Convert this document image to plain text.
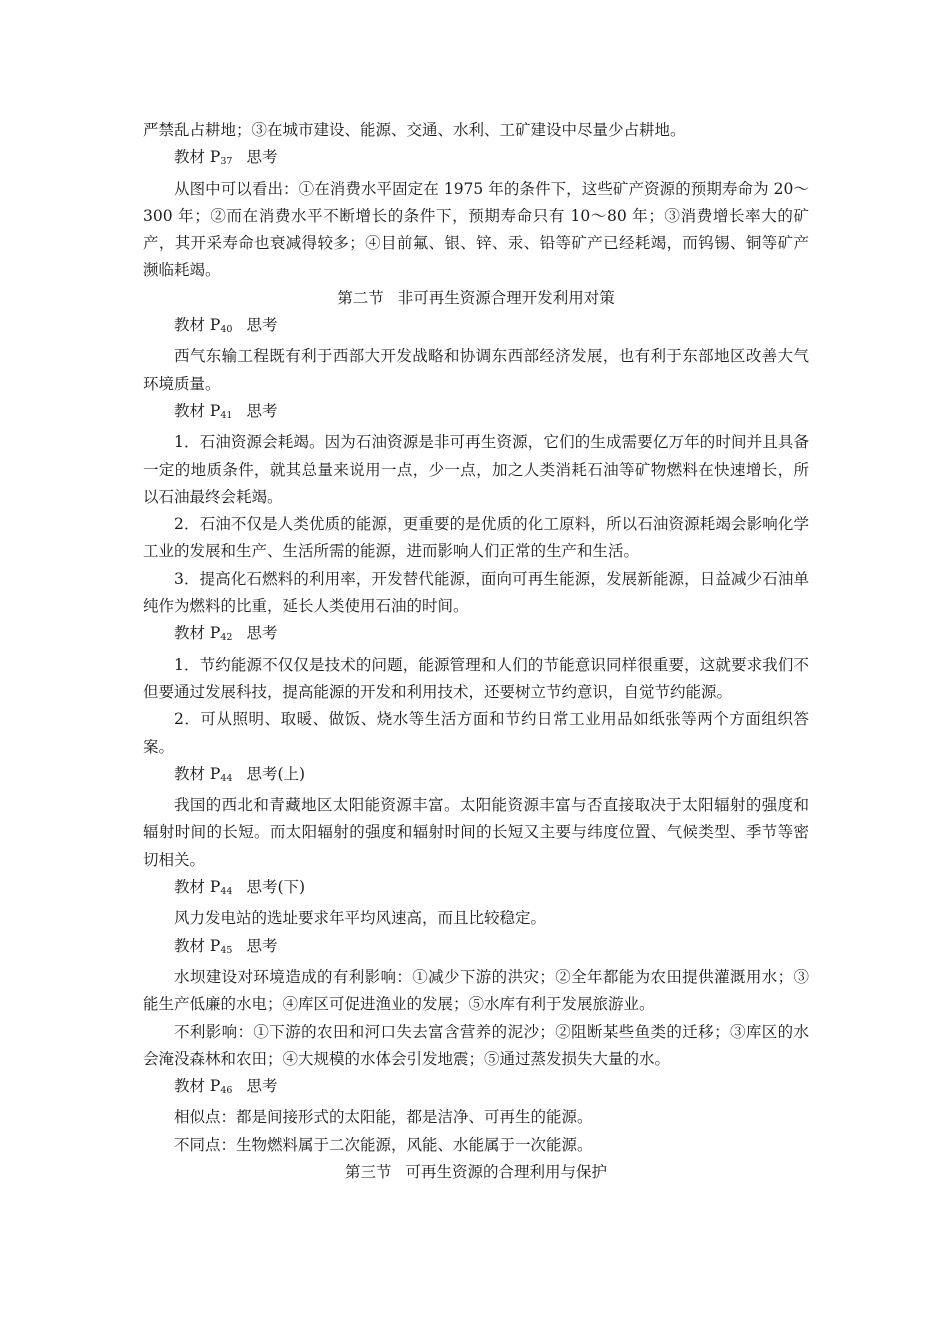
严禁乱占耕地；③在城市建设、能源、交通、水利、工矿建设中尽量少占耕地。

教材 $P_{37}$ 思考

从图中可以看出：①在消费水平固定在 1975 年的条件下，这些矿产资源的预期寿命为 20～300 年；②而在消费水平不断增长的条件下，预期寿命只有 10～80 年；③消费增长率大的矿产，其开采寿命也衰减得较多；④目前氟、银、锌、汞、铅等矿产已经耗竭，而钨锡、铜等矿产濒临耗竭。

第二节 非可再生资源合理开发利用对策

教材 $P_{40}$ 思考

西气东输工程既有利于西部大开发战略和协调东西部经济发展，也有利于东部地区改善大气环境质量。

教材 $P_{41}$ 思考

1．石油资源会耗竭。因为石油资源是非可再生资源，它们的生成需要亿万年的时间并且具备一定的地质条件，就其总量来说用一点，少一点，加之人类消耗石油等矿物燃料在快速增长，所以石油最终会耗竭。

2．石油不仅是人类优质的能源，更重要的是优质的化工原料，所以石油资源耗竭会影响化学工业的发展和生产、生活所需的能源，进而影响人们正常的生产和生活。

3．提高化石燃料的利用率，开发替代能源，面向可再生能源，发展新能源，日益减少石油单纯作为燃料的比重，延长人类使用石油的时间。

教材 $P_{42}$ 思考

1．节约能源不仅仅是技术的问题，能源管理和人们的节能意识同样很重要，这就要求我们不但要通过发展科技，提高能源的开发和利用技术，还要树立节约意识，自觉节约能源。

2．可从照明、取暖、做饭、烧水等生活方面和节约日常工业用品如纸张等两个方面组织答案。

教材 $P_{44}$ 思考(上)

我国的西北和青藏地区太阳能资源丰富。太阳能资源丰富与否直接取决于太阳辐射的强度和辐射时间的长短。而太阳辐射的强度和辐射时间的长短又主要与纬度位置、气候类型、季节等密切相关。

教材 $P_{44}$ 思考(下)

风力发电站的选址要求年平均风速高，而且比较稳定。

教材 $P_{45}$ 思考

水坝建设对环境造成的有利影响：①减少下游的洪灾；②全年都能为农田提供灌溉用水；③能生产低廉的水电；④库区可促进渔业的发展；⑤水库有利于发展旅游业。

不利影响：①下游的农田和河口失去富含营养的泥沙；②阻断某些鱼类的迁移；③库区的水会淹没森林和农田；④大规模的水体会引发地震；⑤通过蒸发损失大量的水。

教材 $P_{46}$ 思考

相似点：都是间接形式的太阳能，都是洁净、可再生的能源。

不同点：生物燃料属于二次能源，风能、水能属于一次能源。

第三节 可再生资源的合理利用与保护
